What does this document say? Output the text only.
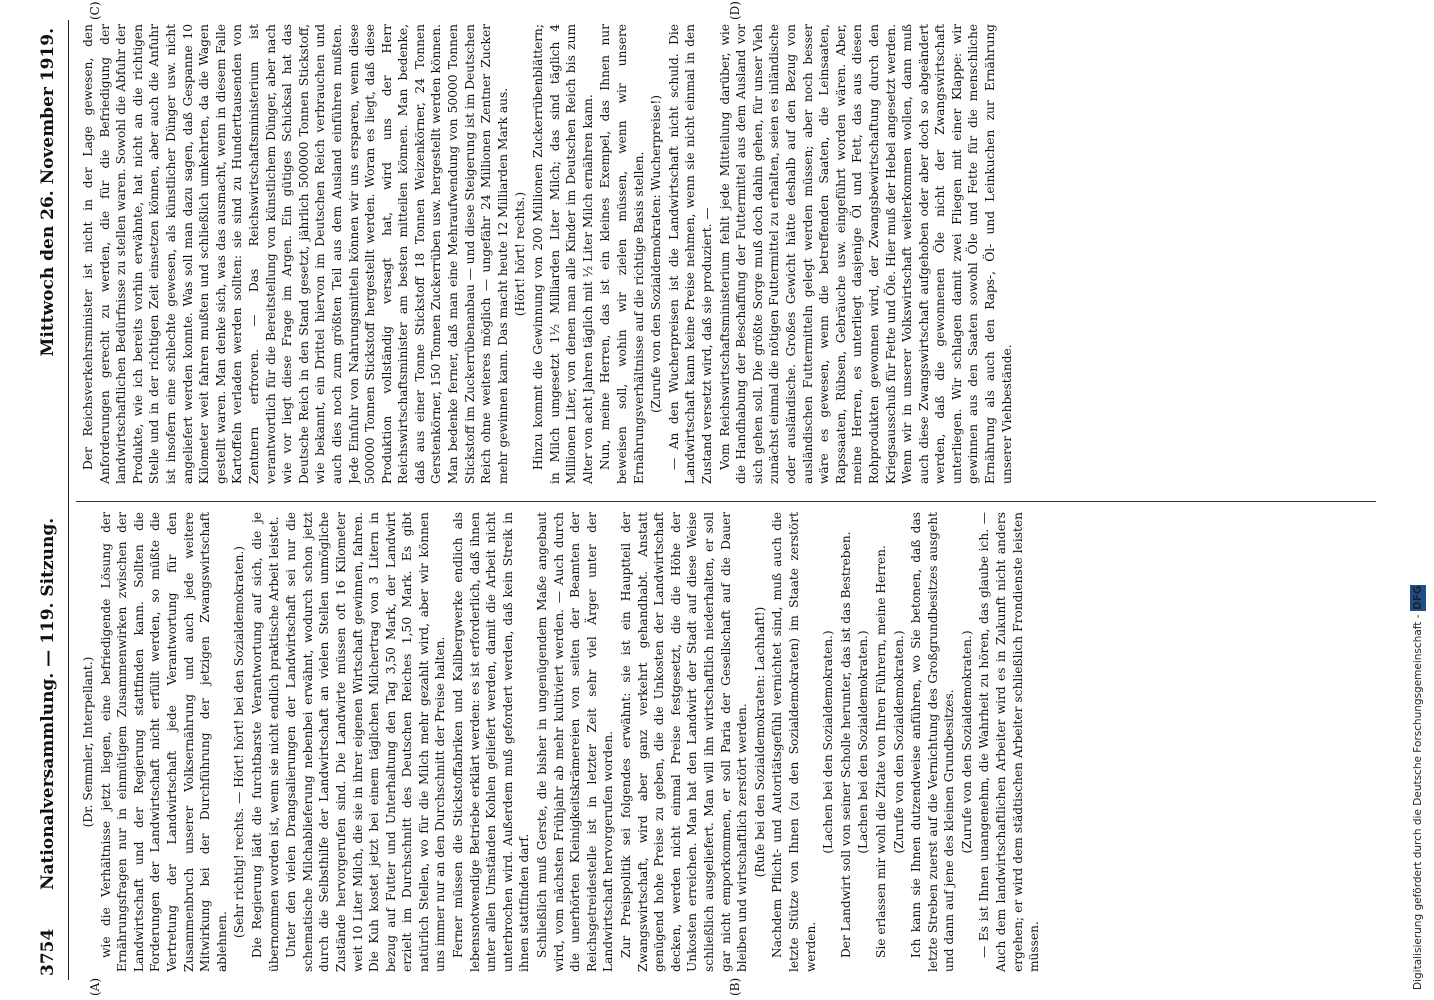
3754
Nationalversammlung. — 119. Sitzung.
Mittwoch den 26. November 1919.
(A)	(B)
(C)	(D)

(Dr. Semmler, Interpellant.) wie die Verhältnisse jetzt liegen, eine befriedigende Lösung der Ernährungsfragen nur in einmütigem Zusammenwirken zwischen der Landwirtschaft und der Regierung stattfinden kann. Sollten die Forderungen der Landwirtschaft nicht erfüllt werden, so müßte die Vertretung der Landwirtschaft jede Verantwortung für den Zusammenbruch unserer Volksernährung und auch jede weitere Mitwirkung bei der Durchführung der jetzigen Zwangswirtschaft ablehnen.

(Sehr richtig! rechts. — Hört! hört! bei den Sozialdemokraten.) Die Regierung lädt die furchtbarste Verantwortung auf sich, die je übernommen worden ist, wenn sie nicht endlich praktische Arbeit leistet. Unter den vielen Drangsalierungen der Landwirtschaft sei nur die schematische Milchablieferung nebenbei erwähnt, wodurch schon jetzt durch die Selbsthilfe der Landwirtschaft an vielen Stellen unmögliche Zustände hervorgerufen sind. Die Landwirte müssen oft 16 Kilometer weit 10 Liter Milch, die sie in ihrer eigenen Wirtschaft gewinnen, fahren. Die Kuh kostet jetzt bei einem täglichen Milchertrag von 3 Litern in bezug auf Futter und Unterhaltung den Tag 3,50 Mark, der Landwirt erzielt im Durchschnitt des Deutschen Reiches 1,50 Mark. Es gibt natürlich Stellen, wo für die Milch mehr gezahlt wird, aber wir können uns immer nur an den Durchschnitt der Preise halten. Ferner müssen die Stickstoffabriken und Kalibergwerke endlich als lebensnotwendige Betriebe erklärt werden: es ist erforderlich, daß ihnen unter allen Umständen Kohlen geliefert werden, damit die Arbeit nicht unterbrochen wird. Außerdem muß gefordert werden, daß kein Streik in ihnen stattfinden darf. Schließlich muß Gerste, die bisher in ungenügendem Maße angebaut wird, vom nächsten Frühjahr ab mehr kultiviert werden. — Auch durch die unerhörten Kleinigkeitskrämereien von seiten der Beamten der Reichsgetreidestelle ist in letzter Zeit sehr viel Ärger unter der Landwirtschaft hervorgerufen worden. Zur Preispolitik sei folgendes erwähnt: sie ist ein Hauptteil der Zwangswirtschaft, wird aber ganz verkehrt gehandhabt. Anstatt genügend hohe Preise zu geben, die die Unkosten der Landwirtschaft decken, werden nicht einmal Preise festgesetzt, die die Höhe der Unkosten erreichen. Man hat den Landwirt der Stadt auf diese Weise schließlich ausgeliefert. Man will ihn wirtschaftlich niederhalten, er soll gar nicht emporkommen, er soll Paria der Gesellschaft auf die Dauer bleiben und wirtschaftlich zerstört werden. (Rufe bei den Sozialdemokraten: Lachhaft!) Nachdem Pflicht- und Autoritätsgefühl vernichtet sind, muß auch die letzte Stütze von Ihnen (zu den Sozialdemokraten) im Staate zerstört werden.

(Lachen bei den Sozialdemokraten.) Der Landwirt soll von seiner Scholle herunter, das ist das Bestreben. (Lachen bei den Sozialdemokraten.) Sie erlassen mir wohl die Zitate von Ihren Führern, meine Herren. (Zurufe von den Sozialdemokraten.) Ich kann sie Ihnen dutzendweise anführen, wo Sie betonen, daß das letzte Streben zuerst auf die Vernichtung des Großgrundbesitzes ausgeht und dann auf jene des kleinen Grundbesitzes. (Zurufe von den Sozialdemokraten.) — Es ist Ihnen unangenehm, die Wahrheit zu hören, das glaube ich. — Auch dem landwirtschaftlichen Arbeiter wird es in Zukunft nicht anders ergehen; er wird dem städtischen Arbeiter schließlich Frondienste leisten müssen.

Der Reichsverkehrsminister ist nicht in der Lage gewesen, den Anforderungen gerecht zu werden, die für die Befriedigung der landwirtschaftlichen Bedürfnisse zu stellen waren. Sowohl die Abfuhr der Produkte, wie ich bereits vorhin erwähnte, hat nicht an die richtigen Stelle und in der richtigen Zeit einsetzen können, aber auch die Anfuhr ist insofern eine schlechte gewesen, als künstlicher Dünger usw. nicht angeliefert werden konnte. Was soll man dazu sagen, daß Gespanne 10 Kilometer weit fahren mußten und schließlich umkehrten, da die Wagen gestellt waren. Man denke sich, was das ausmacht, wenn in diesem Falle Kartoffeln verladen werden sollten: sie sind zu Hunderttausenden von Zentnern erfroren. — Das Reichswirtschaftsministerium ist verantwortlich für die Bereitstellung von künstlichem Dünger, aber nach wie vor liegt diese Frage im Argen. Ein gütiges Schicksal hat das Deutsche Reich in den Stand gesetzt, jährlich 500000 Tonnen Stickstoff, wie bekannt, ein Drittel hiervon im Deutschen Reich verbrauchen und auch dies noch zum größten Teil aus dem Ausland einführen mußten. Jede Einfuhr von Nahrungsmitteln können wir uns ersparen, wenn diese 500000 Tonnen Stickstoff hergestellt werden. Woran es liegt, daß diese Produktion vollständig versagt hat, wird uns der Herr Reichswirtschaftsminister am besten mitteilen können. Man bedenke, daß aus einer Tonne Stickstoff 18 Tonnen Weizenkörner, 24 Tonnen Gerstenkörner, 150 Tonnen Zuckerrüben usw. hergestellt werden können. Man bedenke ferner, daß man eine Mehraufwendung von 50000 Tonnen Stickstoff im Zuckerrübenanbau — und diese Steigerung ist im Deutschen Reich ohne weiteres möglich — ungefähr 24 Millionen Zentner Zucker mehr gewinnen kann. Das macht heute 12 Milliarden Mark aus. (Hört! hört! rechts.) Hinzu kommt die Gewinnung von 200 Millionen Zuckerrübenblättern; in Milch umgesetzt 1½ Milliarden Liter Milch; das sind täglich 4 Millionen Liter, von denen man alle Kinder im Deutschen Reich bis zum Alter von acht Jahren täglich mit ½ Liter Milch ernähren kann. Nun, meine Herren, das ist ein kleines Exempel, das Ihnen nur beweisen soll, wohin wir zielen müssen, wenn wir unsere Ernährungsverhältnisse auf die richtige Basis stellen. (Zurufe von den Sozialdemokraten: Wucherpreise!) — An den Wucherpreisen ist die Landwirtschaft nicht schuld. Die Landwirtschaft kann keine Preise nehmen, wenn sie nicht einmal in den Zustand versetzt wird, daß sie produziert. — Vom Reichswirtschaftsministerium fehlt jede Mitteilung darüber, wie die Handhabung der Beschaffung der Futtermittel aus dem Ausland vor sich gehen soll. Die größte Sorge muß doch dahin gehen, für unser Vieh zunächst einmal die nötigen Futtermittel zu erhalten, seien es inländische oder ausländische. Großes Gewicht hätte deshalb auf den Bezug von ausländischen Futtermitteln gelegt werden müssen; aber noch besser wäre es gewesen, wenn die betreffenden Saaten, die Leinsaaten, Rapssaaten, Rübsen, Gebräuche usw. eingeführt worden wären. Aber, meine Herren, es unterliegt dasjenige Öl und Fett, das aus diesen Rohprodukten gewonnen wird, der Zwangsbewirtschaftung durch den Kriegsausschuß für Fette und Öle. Hier muß der Hebel angesetzt werden. Wenn wir in unserer Volkswirtschaft weiterkommen wollen, dann muß auch diese Zwangswirtschaft aufgehoben oder aber doch so abgeändert werden, daß die gewonnenen Öle nicht der Zwangswirtschaft unterliegen. Wir schlagen damit zwei Fliegen mit einer Klappe: wir gewinnen aus den Saaten sowohl Öle und Fette für die menschliche Ernährung als auch den Raps-, Öl- und Leinkuchen zur Ernährung unserer Viehbestände.

Digitalisierung gefördert durch die Deutsche Forschungsgemeinschaft - DFG
